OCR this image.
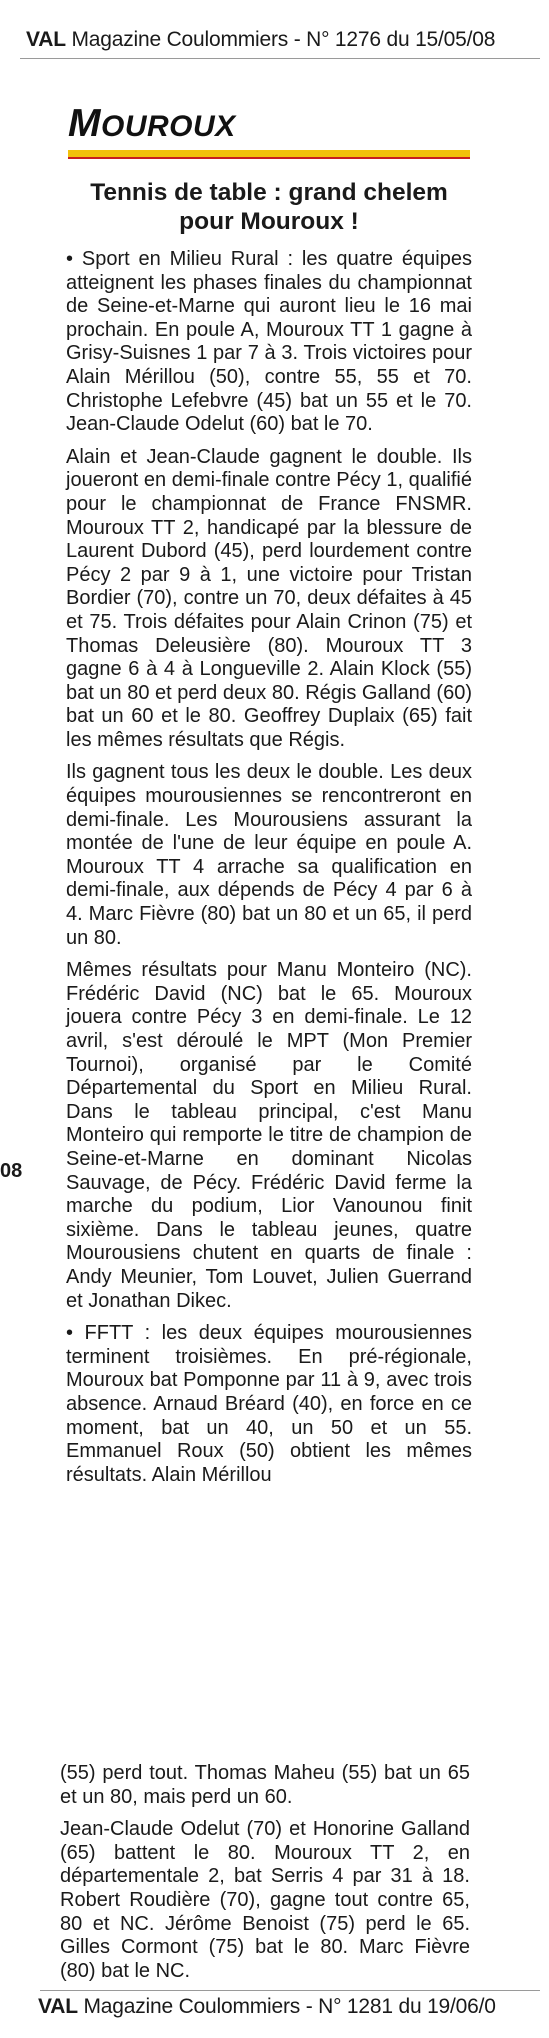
VAL Magazine Coulommiers - N° 1276 du 15/05/08
MOUROUX
Tennis de table : grand chelem pour Mouroux !
08

• Sport en Milieu Rural : les quatre équipes atteignent les phases finales du championnat de Seine-et-Marne qui auront lieu le 16 mai prochain. En poule A, Mouroux TT 1 gagne à Grisy-Suisnes 1 par 7 à 3. Trois victoires pour Alain Mérillou (50), contre 55, 55 et 70. Christophe Lefebvre (45) bat un 55 et le 70. Jean-Claude Odelut (60) bat le 70.

Alain et Jean-Claude gagnent le double. Ils joueront en demi-finale contre Pécy 1, qualifié pour le championnat de France FNSMR. Mouroux TT 2, handicapé par la blessure de Laurent Dubord (45), perd lourdement contre Pécy 2 par 9 à 1, une victoire pour Tristan Bordier (70), contre un 70, deux défaites à 45 et 75. Trois défaites pour Alain Crinon (75) et Thomas Deleusière (80). Mouroux TT 3 gagne 6 à 4 à Longueville 2. Alain Klock (55) bat un 80 et perd deux 80. Régis Galland (60) bat un 60 et le 80. Geoffrey Duplaix (65) fait les mêmes résultats que Régis.

Ils gagnent tous les deux le double. Les deux équipes mourousiennes se rencontreront en demi-finale. Les Mourousiens assurant la montée de l'une de leur équipe en poule A. Mouroux TT 4 arrache sa qualification en demi-finale, aux dépends de Pécy 4 par 6 à 4. Marc Fièvre (80) bat un 80 et un 65, il perd un 80.

Mêmes résultats pour Manu Monteiro (NC). Frédéric David (NC) bat le 65. Mouroux jouera contre Pécy 3 en demi-finale. Le 12 avril, s'est déroulé le MPT (Mon Premier Tournoi), organisé par le Comité Départemental du Sport en Milieu Rural. Dans le tableau principal, c'est Manu Monteiro qui remporte le titre de champion de Seine-et-Marne en dominant Nicolas Sauvage, de Pécy. Frédéric David ferme la marche du podium, Lior Vanounou finit sixième. Dans le tableau jeunes, quatre Mourousiens chutent en quarts de finale : Andy Meunier, Tom Louvet, Julien Guerrand et Jonathan Dikec.

• FFTT : les deux équipes mourousiennes terminent troisièmes. En pré-régionale, Mouroux bat Pomponne par 11 à 9, avec trois absence. Arnaud Bréard (40), en force en ce moment, bat un 40, un 50 et un 55. Emmanuel Roux (50) obtient les mêmes résultats. Alain Mérillou

(55) perd tout. Thomas Maheu (55) bat un 65 et un 80, mais perd un 60.

Jean-Claude Odelut (70) et Honorine Galland (65) battent le 80. Mouroux TT 2, en départementale 2, bat Serris 4 par 31 à 18. Robert Roudière (70), gagne tout contre 65, 80 et NC. Jérôme Benoist (75) perd le 65. Gilles Cormont (75) bat le 80. Marc Fièvre (80) bat le NC.

VAL Magazine Coulommiers - N° 1281 du 19/06/0
